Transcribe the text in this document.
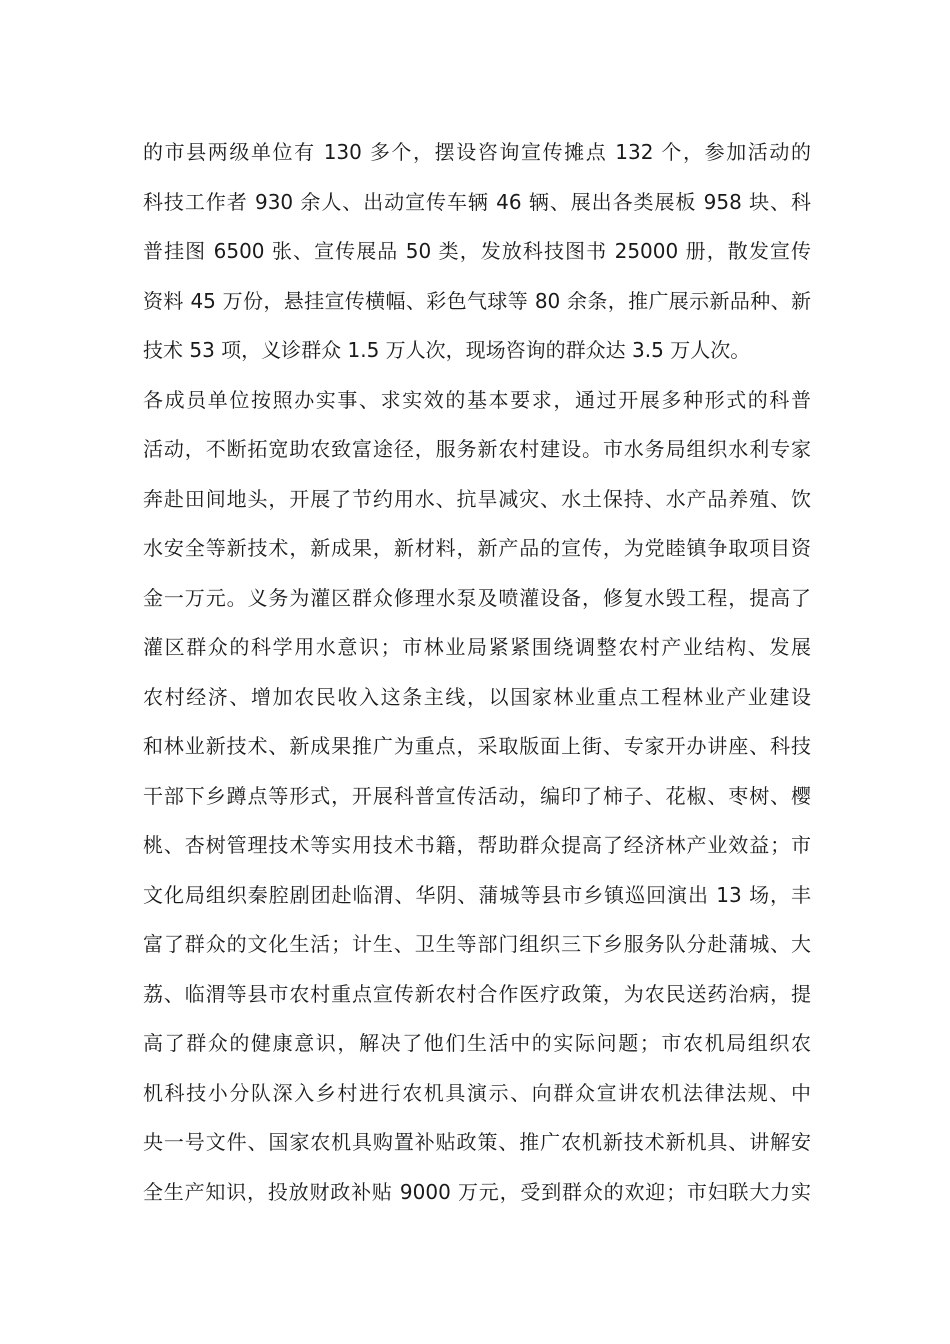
的市县两级单位有 130 多个，摆设咨询宣传摊点 132 个，参加活动的
科技工作者 930 余人、出动宣传车辆 46 辆、展出各类展板 958 块、科
普挂图 6500 张、宣传展品 50 类，发放科技图书 25000 册，散发宣传
资料 45 万份，悬挂宣传横幅、彩色气球等 80 余条，推广展示新品种、新
技术 53 项，义诊群众 1.5 万人次，现场咨询的群众达 3.5 万人次。
各成员单位按照办实事、求实效的基本要求，通过开展多种形式的科普
活动，不断拓宽助农致富途径，服务新农村建设。市水务局组织水利专家
奔赴田间地头，开展了节约用水、抗旱减灾、水土保持、水产品养殖、饮
水安全等新技术，新成果，新材料，新产品的宣传，为党睦镇争取项目资
金一万元。义务为灌区群众修理水泵及喷灌设备，修复水毁工程，提高了
灌区群众的科学用水意识；市林业局紧紧围绕调整农村产业结构、发展
农村经济、增加农民收入这条主线，以国家林业重点工程林业产业建设
和林业新技术、新成果推广为重点，采取版面上街、专家开办讲座、科技
干部下乡蹲点等形式，开展科普宣传活动，编印了柿子、花椒、枣树、樱
桃、杏树管理技术等实用技术书籍，帮助群众提高了经济林产业效益；市
文化局组织秦腔剧团赴临渭、华阴、蒲城等县市乡镇巡回演出 13 场，丰
富了群众的文化生活；计生、卫生等部门组织三下乡服务队分赴蒲城、大
荔、临渭等县市农村重点宣传新农村合作医疗政策，为农民送药治病，提
高了群众的健康意识，解决了他们生活中的实际问题；市农机局组织农
机科技小分队深入乡村进行农机具演示、向群众宣讲农机法律法规、中
央一号文件、国家农机具购置补贴政策、推广农机新技术新机具、讲解安
全生产知识，投放财政补贴 9000 万元，受到群众的欢迎；市妇联大力实
